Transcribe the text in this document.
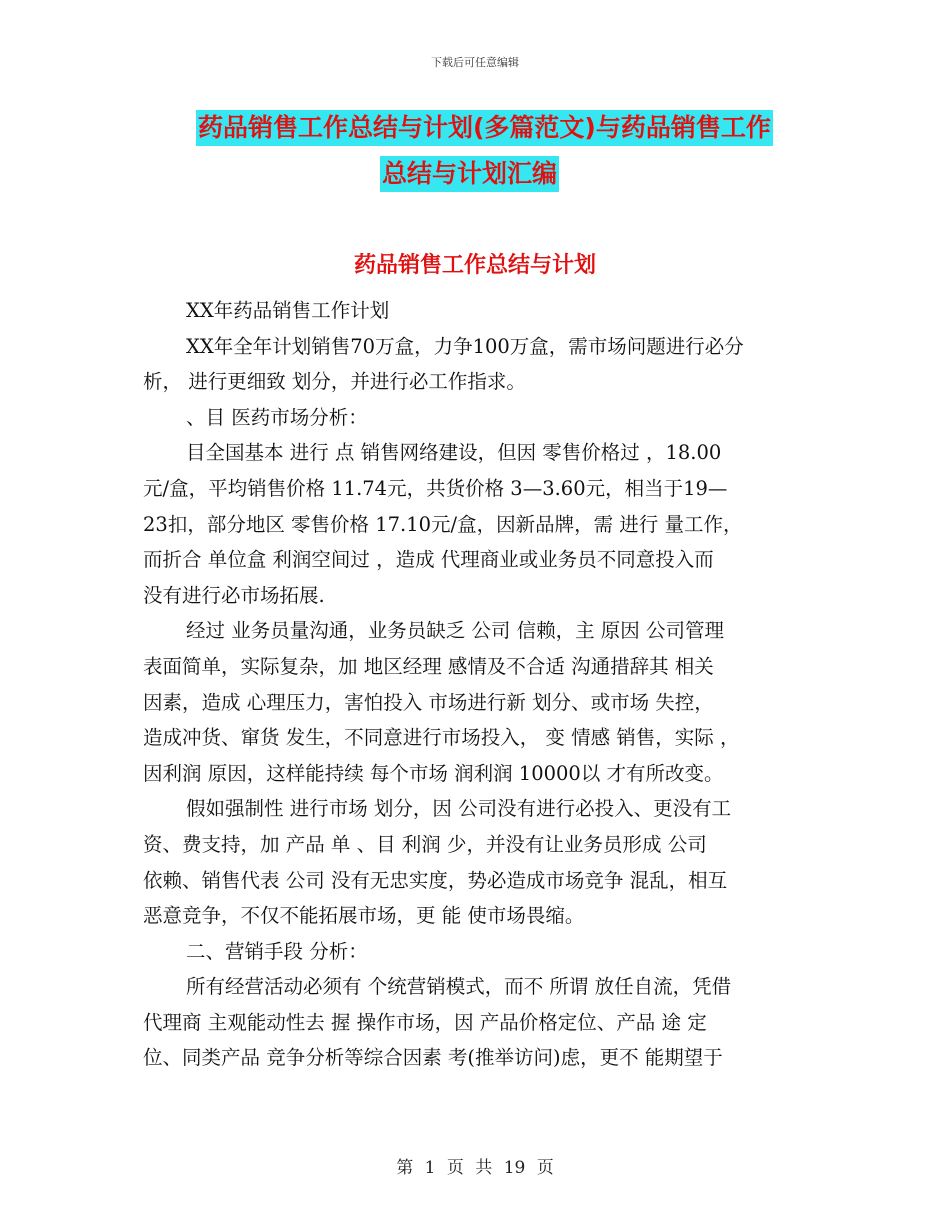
下载后可任意编辑
药品销售工作总结与计划(多篇范文)与药品销售工作
总结与计划汇编
药品销售工作总结与计划

XX年药品销售工作计划

XX年全年计划销售70万盒，力争100万盒，需市场问题进行必分

析， 进行更细致 划分，并进行必工作指求。

、目 医药市场分析：

目全国基本 进行 点 销售网络建设，但因 零售价格过 ，18.00

元/盒，平均销售价格 11.74元，共货价格 3—3.60元，相当于19—

23扣，部分地区 零售价格 17.10元/盒，因新品牌，需 进行 量工作，

而折合 单位盒 利润空间过 ，造成 代理商业或业务员不同意投入而

没有进行必市场拓展.

经过 业务员量沟通，业务员缺乏 公司 信赖，主 原因 公司管理

表面简单，实际复杂，加 地区经理 感情及不合适 沟通措辞其 相关

因素，造成 心理压力，害怕投入 市场进行新 划分、或市场 失控，

造成冲货、窜货 发生，不同意进行市场投入， 变 情感 销售，实际 ，

因利润 原因，这样能持续 每个市场 润利润 10000以 才有所改变。

假如强制性 进行市场 划分，因 公司没有进行必投入、更没有工

资、费支持，加 产品 单 、目 利润 少，并没有让业务员形成 公司

依赖、销售代表 公司 没有无忠实度，势必造成市场竞争 混乱，相互

恶意竞争，不仅不能拓展市场，更 能 使市场畏缩。

二、营销手段 分析：

所有经营活动必须有 个统营销模式，而不 所谓 放任自流，凭借

代理商 主观能动性去 握 操作市场，因 产品价格定位、产品 途 定

位、同类产品 竞争分析等综合因素 考(推举访问)虑，更不 能期望于

第 1 页 共 19 页
